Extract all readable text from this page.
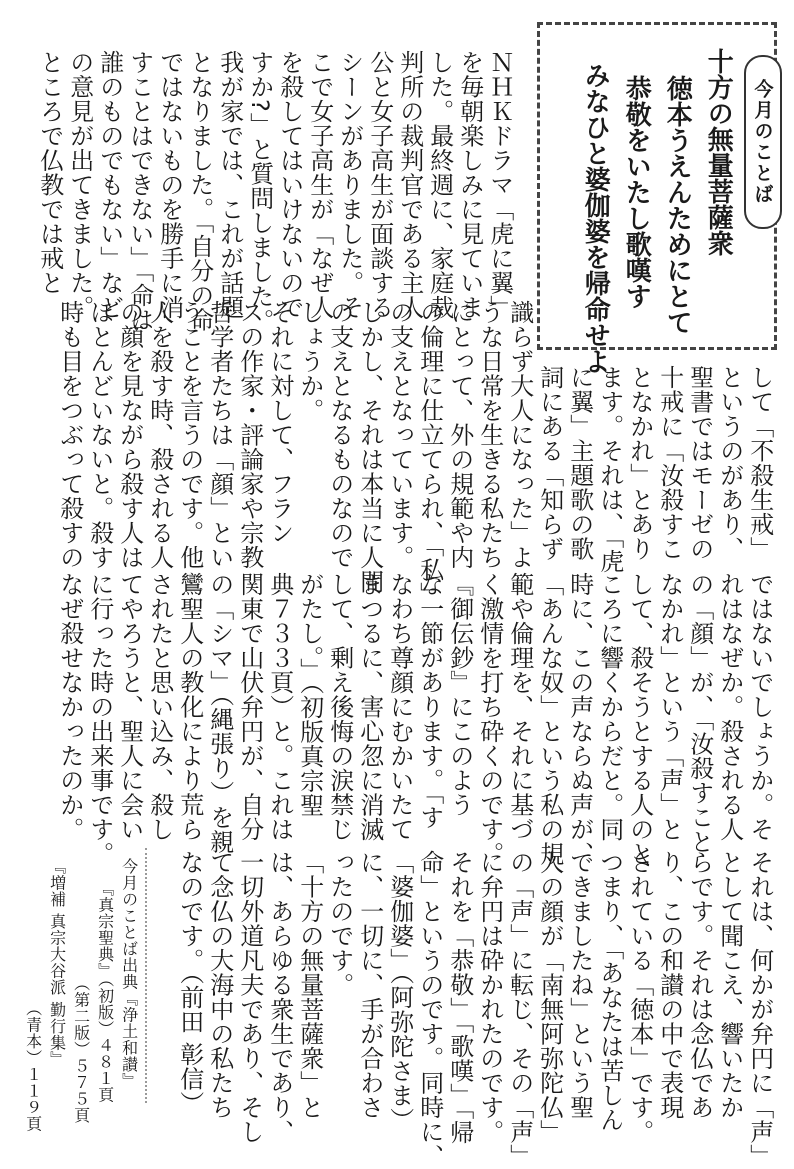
今月のことば
十方の無量菩薩衆
徳本うえんためにとて
恭敬をいたし歌嘆す
みなひと婆伽婆を帰命せよ
ＮＨＫドラマ「虎に翼」
を毎朝楽しみに見ていま
した。最終週に、家庭裁
判所の裁判官である主人
公と女子高生が面談する
シーンがありました。そ
こで女子高生が「なぜ人
を殺してはいけないので
すか?」と質問しました。
我が家では、これが話題
となりました。「自分の命
ではないものを勝手に消
すことはできない」「命は
誰のものでもない」など
の意見が出てきました。
ところで仏教では戒と
して「不殺生戒」
というのがあり、
聖書ではモーゼの
十戒に「汝殺すこ
となかれ」とあり
ます。それは、「虎
に翼」主題歌の歌
詞にある「知らず
識らず大人になった」よ
うな日常を生きる私たち
にとって、外の規範や内
の倫理に仕立てられ、「私」
の支えとなっています。
しかし、それは本当に人間
の支えとなるものなので
しょうか。
それに対して、フラン
スの作家・評論家や宗教
哲学者たちは「顔」とい
うことを言うのです。他
人を殺す時、殺される人
の顔を見ながら殺す人は
ほとんどいないと。殺す
時も目をつぶって殺すの
ではないでしょうか。そ
れはなぜか。殺される人
の「顔」が、「汝殺すこと
なかれ」という「声」と
して、殺そうとする人のと
ころに響くからだと。同
時に、この声ならぬ声が、
「あんな奴」という私の規
範や倫理を、それに基づ
く激情を打ち砕くのです。
『御伝鈔』にこのよう
な一節があります。「す
なわち尊顔にむかいたて
まつるに、害心忽に消滅
して、剰え後悔の涙禁じ
がたし。」（初版真宗聖
典７３３頁）と。これは
関東で山伏弁円が、自分
の「シマ」（縄張り）を親
鸞聖人の教化により荒ら
されたと思い込み、殺し
てやろうと、聖人に会い
に行った時の出来事です。
なぜ殺せなかったのか。
それは、何かが弁円に「声」
として聞こえ、響いたか
らです。それは念仏であ
り、この和讃の中で表現
されている「徳本」です。
つまり、「あなたは苦しん
できましたね」という聖
人の顔が「南無阿弥陀仏」
の「声」に転じ、その「声」
に弁円は砕かれたのです。
それを「恭敬」「歌嘆」「帰
命」というのです。同時に、
「婆伽婆」（阿弥陀さま）
に、一切に、手が合わさ
ったのです。
「十方の無量菩薩衆」と
は、あらゆる衆生であり、
一切外道凡夫であり、そし
て念仏の大海中の私たち
なのです。（前田 彰信）
今月のことば出典『浄土和讃』
『真宗聖典』（初版）４８１頁
（第二版）５７５頁
『増補 真宗大谷派 勤行集』
（青本）１１９頁
